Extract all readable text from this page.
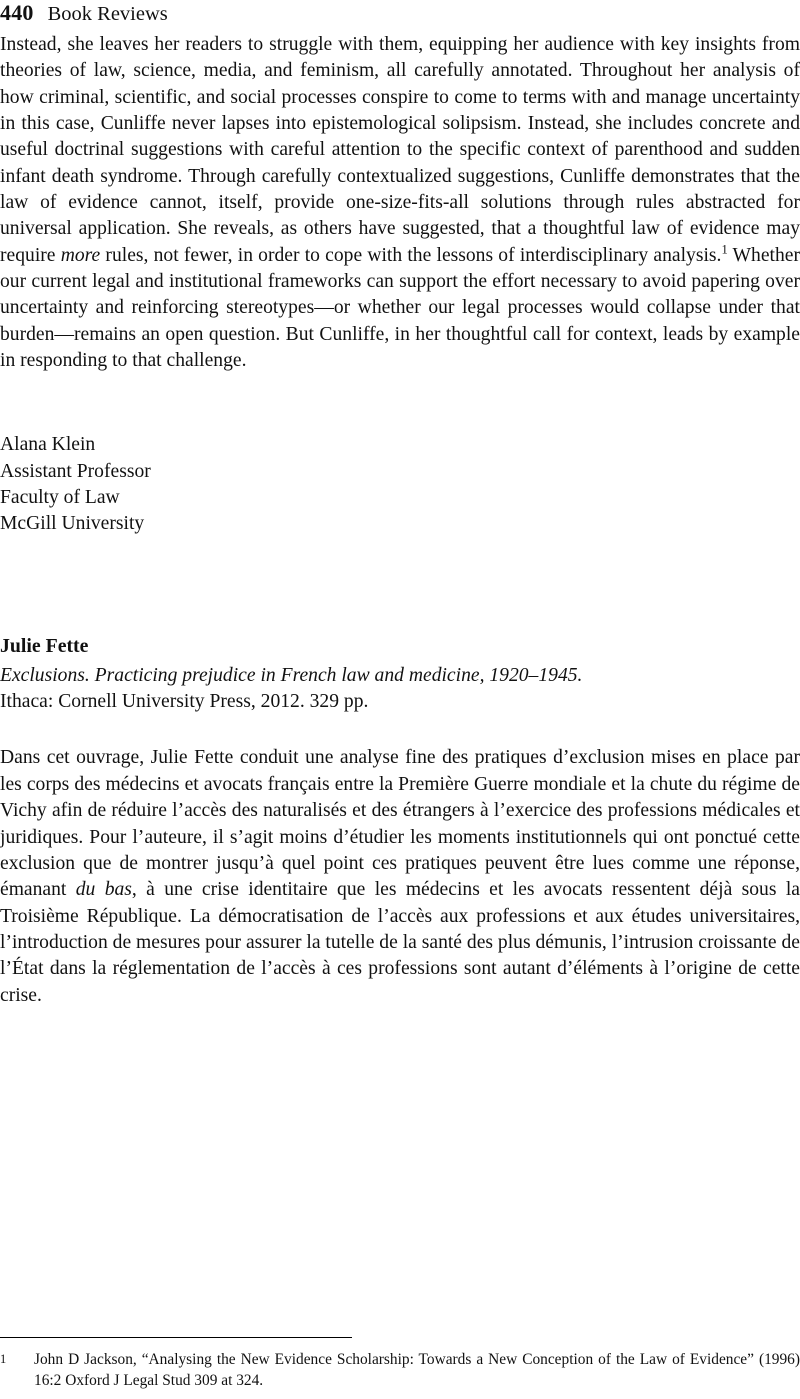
440 Book Reviews

Instead, she leaves her readers to struggle with them, equipping her audience with key insights from theories of law, science, media, and feminism, all carefully annotated. Throughout her analysis of how criminal, scientific, and social processes conspire to come to terms with and manage uncertainty in this case, Cunliffe never lapses into epistemological solipsism. Instead, she includes concrete and useful doctrinal suggestions with careful attention to the specific context of parenthood and sudden infant death syndrome. Through carefully contextualized suggestions, Cunliffe demonstrates that the law of evidence cannot, itself, provide one-size-fits-all solutions through rules abstracted for universal application. She reveals, as others have suggested, that a thoughtful law of evidence may require more rules, not fewer, in order to cope with the lessons of interdisciplinary analysis.$^1$ Whether our current legal and institutional frameworks can support the effort necessary to avoid papering over uncertainty and reinforcing stereotypes—or whether our legal processes would collapse under that burden—remains an open question. But Cunliffe, in her thoughtful call for context, leads by example in responding to that challenge.

Alana Klein
Assistant Professor
Faculty of Law
McGill University
Julie Fette
Exclusions. Practicing prejudice in French law and medicine, 1920–1945.
Ithaca: Cornell University Press, 2012. 329 pp.

Dans cet ouvrage, Julie Fette conduit une analyse fine des pratiques d’exclusion mises en place par les corps des médecins et avocats français entre la Première Guerre mondiale et la chute du régime de Vichy afin de réduire l’accès des naturalisés et des étrangers à l’exercice des professions médicales et juridiques. Pour l’auteure, il s’agit moins d’étudier les moments institutionnels qui ont ponctué cette exclusion que de montrer jusqu’à quel point ces pratiques peuvent être lues comme une réponse, émanant du bas, à une crise identitaire que les médecins et les avocats ressentent déjà sous la Troisième République. La démocratisation de l’accès aux professions et aux études universitaires, l’introduction de mesures pour assurer la tutelle de la santé des plus démunis, l’intrusion croissante de l’État dans la réglementation de l’accès à ces professions sont autant d’éléments à l’origine de cette crise.

1	John D Jackson, “Analysing the New Evidence Scholarship: Towards a New Conception of the Law of Evidence” (1996) 16:2 Oxford J Legal Stud 309 at 324.
